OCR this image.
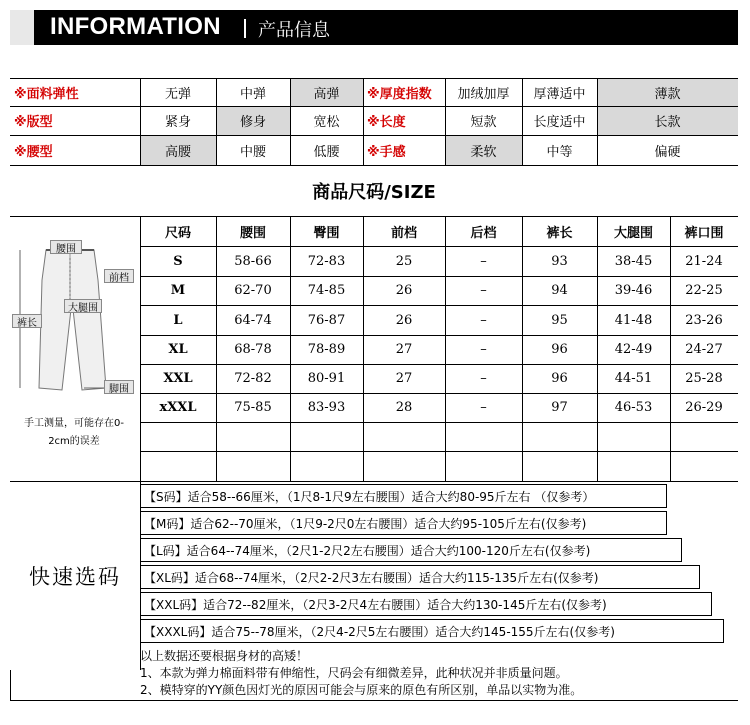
INFORMATION 产品信息
※面料弹性	无弹	中弹	高弹	※厚度指数	加绒加厚	厚薄适中	薄款
※版型	紧身	修身	宽松	※长度	短款	长度适中	长款
※腰型	高腰	中腰	低腰	※手感	柔软	中等	偏硬
商品尺码/SIZE
尺码	腰围	臀围	前档	后档	裤长	大腿围	裤口围
S	58-66	72-83	25	–	93	38-45	21-24
M	62-70	74-85	26	–	94	39-46	22-25
L	64-74	76-87	26	–	95	41-48	23-26
XL	68-78	78-89	27	–	96	42-49	24-27
XXL	72-82	80-91	27	–	96	44-51	25-28
xXXL	75-85	83-93	28	–	97	46-53	26-29
腰围
前档
大腿围
裤长
脚围
手工测量，可能存在0-
2cm的误差
快速选码
【S码】适合58--66厘米，（1尺8-1尺9左右腰围）适合大约80-95斤左右 （仅参考）
【M码】适合62--70厘米，（1尺9-2尺0左右腰围）适合大约95-105斤左右(仅参考)
【L码】适合64--74厘米，（2尺1-2尺2左右腰围）适合大约100-120斤左右(仅参考)
【XL码】适合68--74厘米，（2尺2-2尺3左右腰围）适合大约115-135斤左右(仅参考)
【XXL码】适合72--82厘米，（2尺3-2尺4左右腰围）适合大约130-145斤左右(仅参考)
【XXXL码】适合75--78厘米，（2尺4-2尺5左右腰围）适合大约145-155斤左右(仅参考)
以上数据还要根据身材的高矮！
1、本款为弹力棉面料带有伸缩性，尺码会有细微差异，此种状况并非质量问题。
2、模特穿的YY颜色因灯光的原因可能会与原来的原色有所区别，单品以实物为准。
